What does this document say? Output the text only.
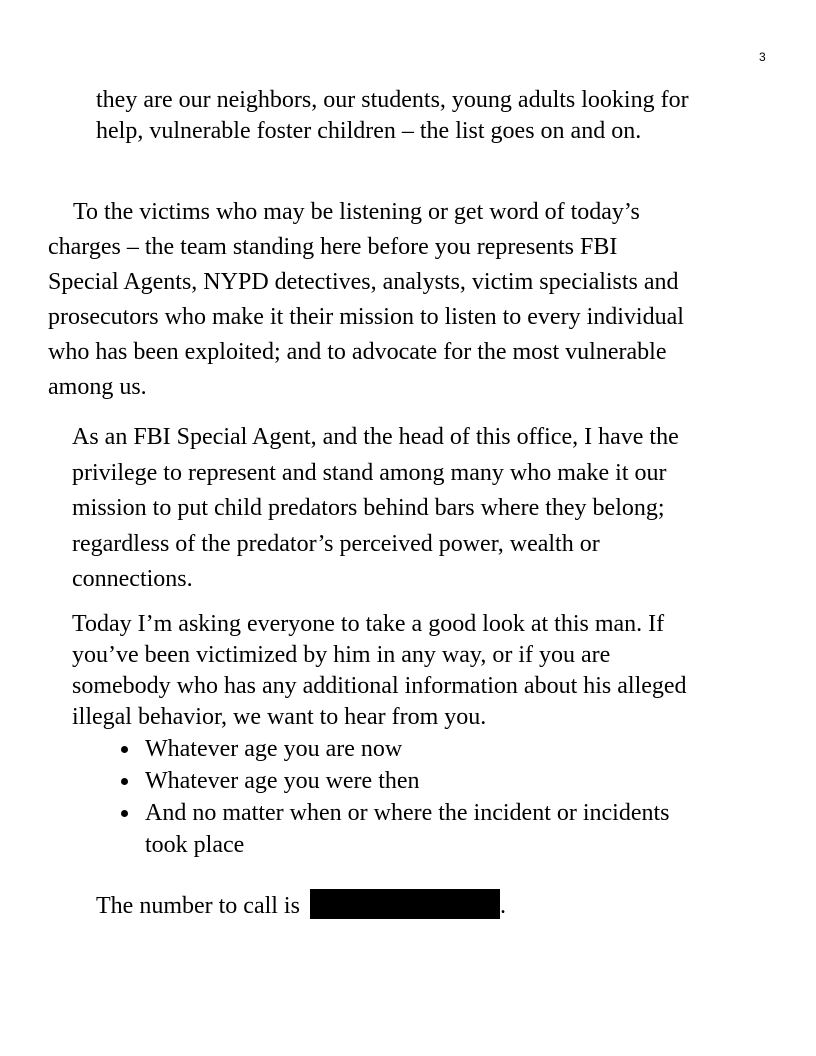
3
they are our neighbors, our students, young adults looking for
help, vulnerable foster children – the list goes on and on.
To the victims who may be listening or get word of today’s
charges – the team standing here before you represents FBI
Special Agents, NYPD detectives, analysts, victim specialists and
prosecutors who make it their mission to listen to every individual
who has been exploited; and to advocate for the most vulnerable
among us.
As an FBI Special Agent, and the head of this office, I have the
privilege to represent and stand among many who make it our
mission to put child predators behind bars where they belong;
regardless of the predator’s perceived power, wealth or
connections.
Today I’m asking everyone to take a good look at this man. If
you’ve been victimized by him in any way, or if you are
somebody who has any additional information about his alleged
illegal behavior, we want to hear from you.
Whatever age you are now
Whatever age you were then
And no matter when or where the incident or incidents
took place
The number to call is	.
